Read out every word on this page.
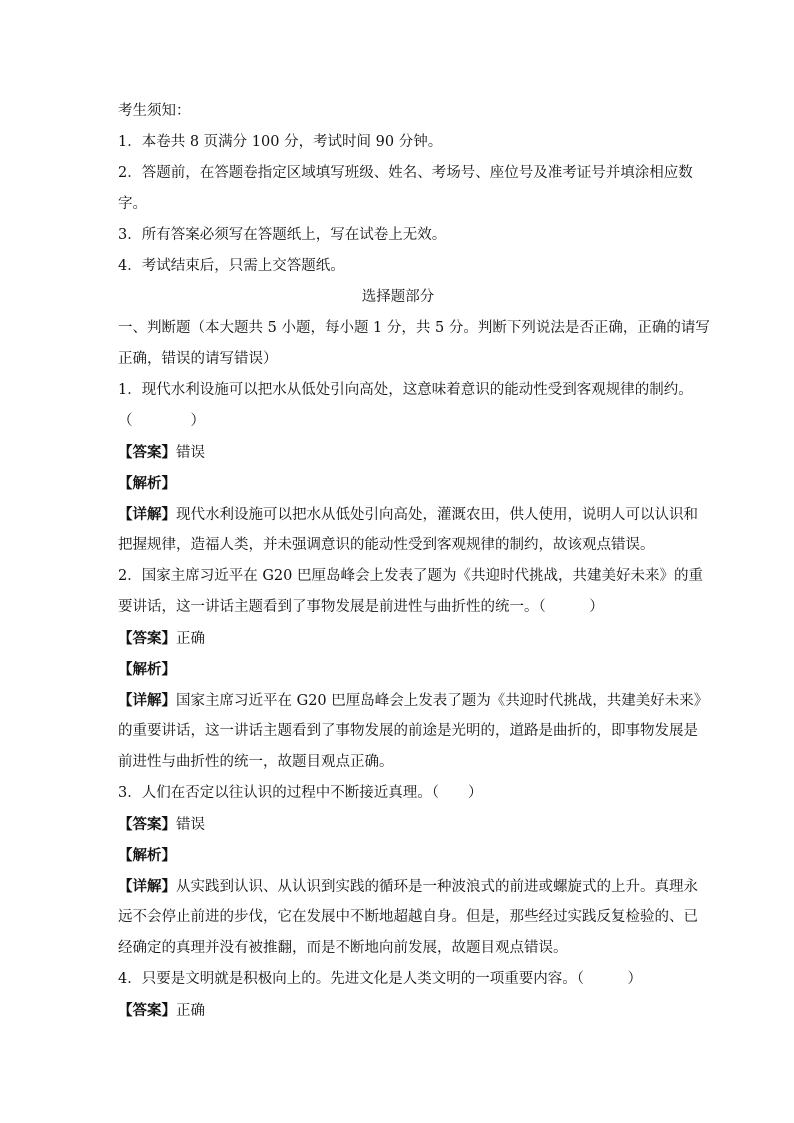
考生须知：
1．本卷共 8 页满分 100 分，考试时间 90 分钟。
2．答题前，在答题卷指定区域填写班级、姓名、考场号、座位号及准考证号并填涂相应数
字。
3．所有答案必须写在答题纸上，写在试卷上无效。
4．考试结束后，只需上交答题纸。
选择题部分
一、判断题（本大题共 5 小题，每小题 1 分，共 5 分。判断下列说法是否正确，正确的请写
正确，错误的请写错误）
1．现代水利设施可以把水从低处引向高处，这意味着意识的能动性受到客观规律的制约。
（　　　　）
【答案】错误
【解析】
【详解】现代水利设施可以把水从低处引向高处，灌溉农田，供人使用，说明人可以认识和
把握规律，造福人类，并未强调意识的能动性受到客观规律的制约，故该观点错误。
2．国家主席习近平在 G20 巴厘岛峰会上发表了题为《共迎时代挑战，共建美好未来》的重
要讲话，这一讲话主题看到了事物发展是前进性与曲折性的统一。（　　　）
【答案】正确
【解析】
【详解】国家主席习近平在 G20 巴厘岛峰会上发表了题为《共迎时代挑战，共建美好未来》
的重要讲话，这一讲话主题看到了事物发展的前途是光明的，道路是曲折的，即事物发展是
前进性与曲折性的统一，故题目观点正确。
3．人们在否定以往认识的过程中不断接近真理。（　　）
【答案】错误
【解析】
【详解】从实践到认识、从认识到实践的循环是一种波浪式的前进或螺旋式的上升。真理永
远不会停止前进的步伐，它在发展中不断地超越自身。但是，那些经过实践反复检验的、已
经确定的真理并没有被推翻，而是不断地向前发展，故题目观点错误。
4．只要是文明就是积极向上的。先进文化是人类文明的一项重要内容。（　　　）
【答案】正确
